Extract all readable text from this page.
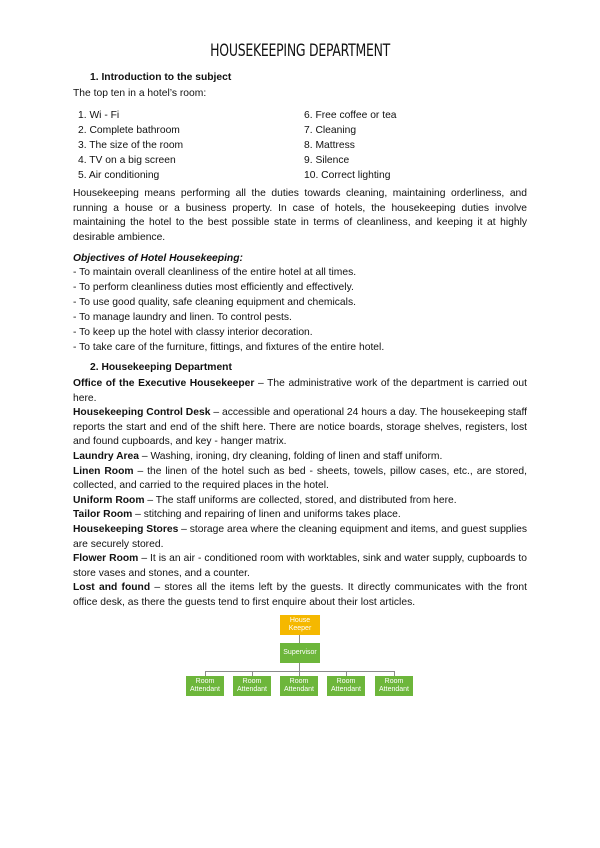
HOUSEKEEPING DEPARTMENT
1. Introduction to the subject
The top ten in a hotel’s room:
1. Wi - Fi
2. Complete bathroom
3. The size of the room
4. TV on a big screen
5. Air conditioning
6. Free coffee or tea
7. Cleaning
8. Mattress
9. Silence
10. Correct lighting
Housekeeping means performing all the duties towards cleaning, maintaining orderliness, and running a house or a business property. In case of hotels, the housekeeping duties involve maintaining the hotel to the best possible state in terms of cleanliness, and keeping it at highly desirable ambience.
Objectives of Hotel Housekeeping:
- To maintain overall cleanliness of the entire hotel at all times.
- To perform cleanliness duties most efficiently and effectively.
- To use good quality, safe cleaning equipment and chemicals.
- To manage laundry and linen. To control pests.
- To keep up the hotel with classy interior decoration.
- To take care of the furniture, fittings, and fixtures of the entire hotel.
2. Housekeeping Department

Office of the Executive Housekeeper – The administrative work of the department is carried out here.

Housekeeping Control Desk – accessible and operational 24 hours a day. The housekeeping staff reports the start and end of the shift here. There are notice boards, storage shelves, registers, lost and found cupboards, and key - hanger matrix.

Laundry Area – Washing, ironing, dry cleaning, folding of linen and staff uniform.

Linen Room – the linen of the hotel such as bed - sheets, towels, pillow cases, etc., are stored, collected, and carried to the required places in the hotel.

Uniform Room – The staff uniforms are collected, stored, and distributed from here.

Tailor Room – stitching and repairing of linen and uniforms takes place.

Housekeeping Stores – storage area where the cleaning equipment and items, and guest supplies are securely stored.

Flower Room – It is an air - conditioned room with worktables, sink and water supply, cupboards to store vases and stones, and a counter.

Lost and found – stores all the items left by the guests. It directly communicates with the front office desk, as there the guests tend to first enquire about their lost articles.

House Keeper
Supervisor
Room Attendant
Room Attendant
Room Attendant
Room Attendant
Room Attendant
